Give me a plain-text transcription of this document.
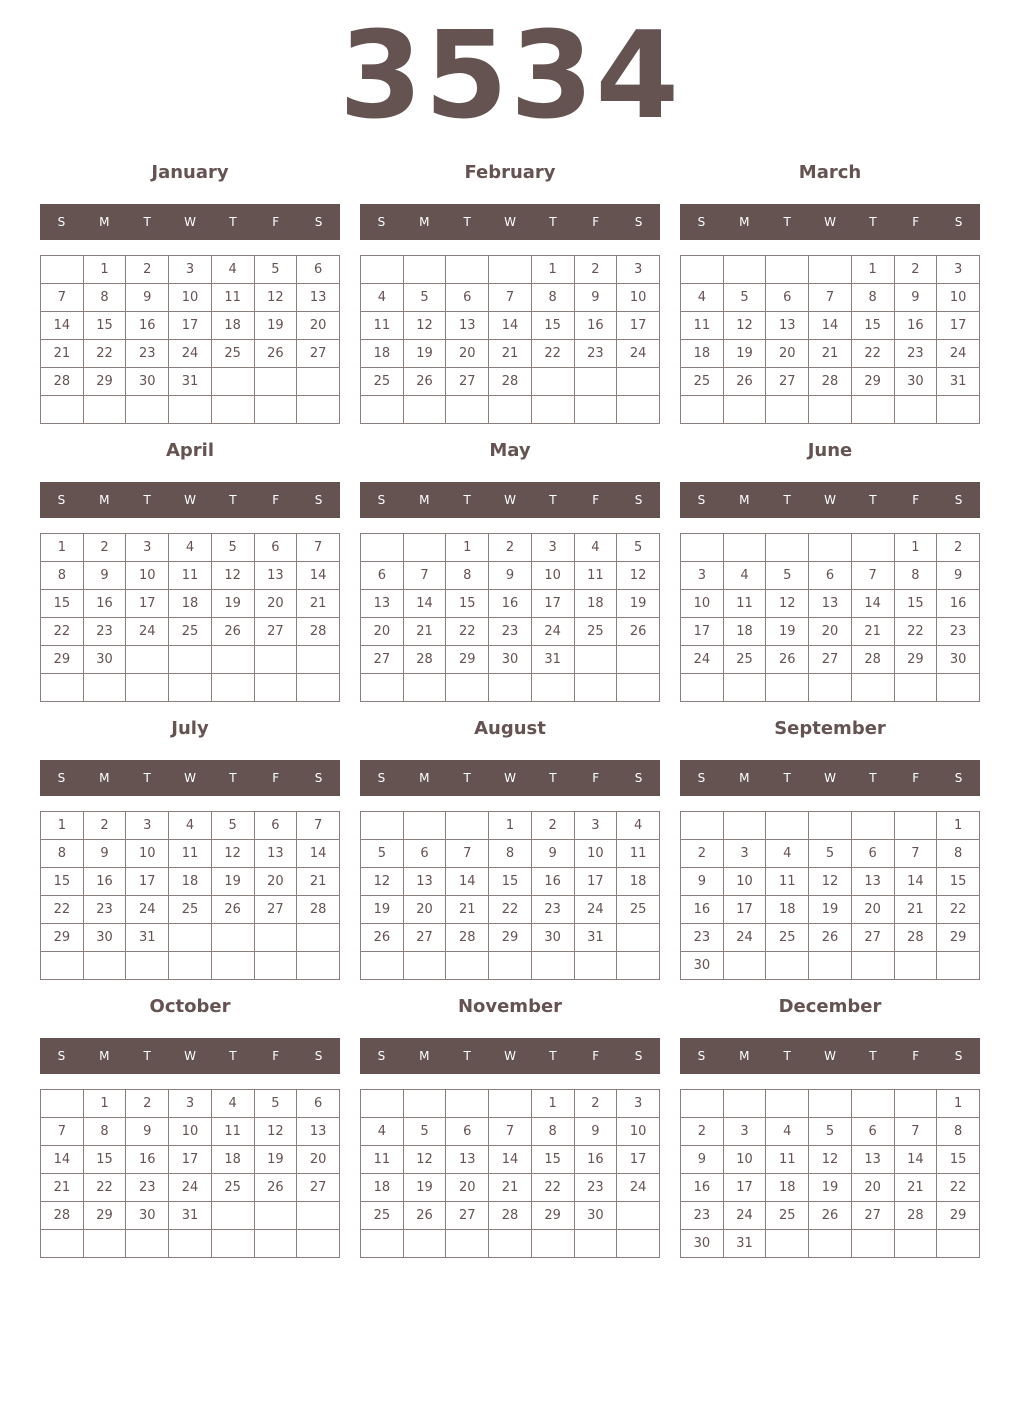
3534
January
S	M	T	W	T	F	S
	1	2	3	4	5	6
7	8	9	10	11	12	13
14	15	16	17	18	19	20
21	22	23	24	25	26	27
28	29	30	31			

February
S	M	T	W	T	F	S
				1	2	3
4	5	6	7	8	9	10
11	12	13	14	15	16	17
18	19	20	21	22	23	24
25	26	27	28			

March
S	M	T	W	T	F	S
				1	2	3
4	5	6	7	8	9	10
11	12	13	14	15	16	17
18	19	20	21	22	23	24
25	26	27	28	29	30	31

April
S	M	T	W	T	F	S
1	2	3	4	5	6	7
8	9	10	11	12	13	14
15	16	17	18	19	20	21
22	23	24	25	26	27	28
29	30					

May
S	M	T	W	T	F	S
		1	2	3	4	5
6	7	8	9	10	11	12
13	14	15	16	17	18	19
20	21	22	23	24	25	26
27	28	29	30	31		

June
S	M	T	W	T	F	S
					1	2
3	4	5	6	7	8	9
10	11	12	13	14	15	16
17	18	19	20	21	22	23
24	25	26	27	28	29	30

July
S	M	T	W	T	F	S
1	2	3	4	5	6	7
8	9	10	11	12	13	14
15	16	17	18	19	20	21
22	23	24	25	26	27	28
29	30	31				

August
S	M	T	W	T	F	S
			1	2	3	4
5	6	7	8	9	10	11
12	13	14	15	16	17	18
19	20	21	22	23	24	25
26	27	28	29	30	31	

September
S	M	T	W	T	F	S
						1
2	3	4	5	6	7	8
9	10	11	12	13	14	15
16	17	18	19	20	21	22
23	24	25	26	27	28	29
30						
October
S	M	T	W	T	F	S
	1	2	3	4	5	6
7	8	9	10	11	12	13
14	15	16	17	18	19	20
21	22	23	24	25	26	27
28	29	30	31			

November
S	M	T	W	T	F	S
				1	2	3
4	5	6	7	8	9	10
11	12	13	14	15	16	17
18	19	20	21	22	23	24
25	26	27	28	29	30	

December
S	M	T	W	T	F	S
						1
2	3	4	5	6	7	8
9	10	11	12	13	14	15
16	17	18	19	20	21	22
23	24	25	26	27	28	29
30	31					
